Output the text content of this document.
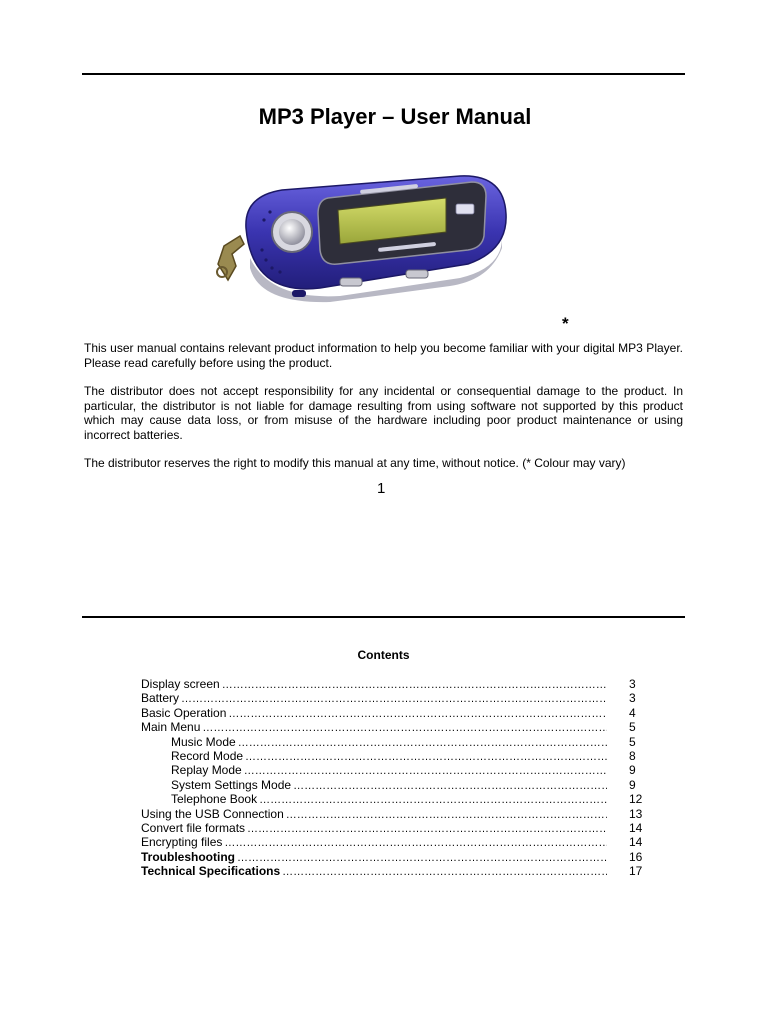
MP3 Player – User Manual
*

This user manual contains relevant product information to help you become familiar with your digital MP3 Player. Please read carefully before using the product.

The distributor does not accept responsibility for any incidental or consequential damage to the product. In particular, the distributor is not liable for damage resulting from using software not supported by this product which may cause data loss, or from misuse of the hardware including poor product maintenance or using incorrect batteries.

The distributor reserves the right to modify this manual at any time, without notice. (* Colour may vary)

1
Contents
Display screen ……………………………………………………………………………………………………………………………………	3
Battery ……………………………………………………………………………………………………………………………………	3
Basic Operation ……………………………………………………………………………………………………………………………………	4
Main Menu ……………………………………………………………………………………………………………………………………	5
Music Mode ……………………………………………………………………………………………………………………………………	5
Record Mode ……………………………………………………………………………………………………………………………………	8
Replay Mode ……………………………………………………………………………………………………………………………………	9
System Settings Mode ……………………………………………………………………………………………………………………………………	9
Telephone Book ……………………………………………………………………………………………………………………………………	12
Using the USB Connection ……………………………………………………………………………………………………………………………………	13
Convert file formats ……………………………………………………………………………………………………………………………………	14
Encrypting files ……………………………………………………………………………………………………………………………………	14
Troubleshooting ……………………………………………………………………………………………………………………………………	16
Technical Specifications ……………………………………………………………………………………………………………………………………	17
